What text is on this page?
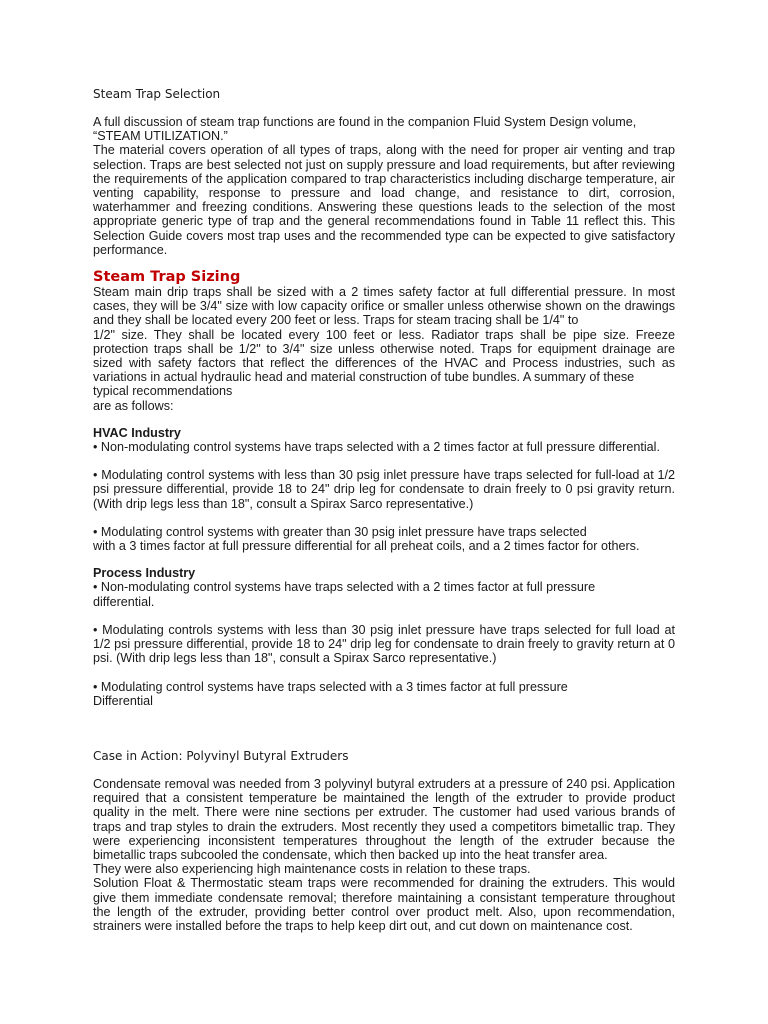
Steam Trap Selection

A full discussion of steam trap functions are found in the companion Fluid System Design volume,
“STEAM UTILIZATION.”

The material covers operation of all types of traps, along with the need for proper air venting and trap selection. Traps are best selected not just on supply pressure and load requirements, but after reviewing the requirements of the application compared to trap characteristics including discharge temperature, air venting capability, response to pressure and load change, and resistance to dirt, corrosion, waterhammer and freezing conditions. Answering these questions leads to the selection of the most appropriate generic type of trap and the general recommendations found in Table 11 reflect this. This Selection Guide covers most trap uses and the recommended type can be expected to give satisfactory performance.

Steam Trap Sizing

Steam main drip traps shall be sized with a 2 times safety factor at full differential pressure. In most cases, they will be 3/4" size with low capacity orifice or smaller unless otherwise shown on the drawings and they shall be located every 200 feet or less. Traps for steam tracing shall be 1/4" to

1/2" size. They shall be located every 100 feet or less. Radiator traps shall be pipe size. Freeze protection traps shall be 1/2" to 3/4" size unless otherwise noted. Traps for equipment drainage are sized with safety factors that reflect the differences of the HVAC and Process industries, such as variations in actual hydraulic head and material construction of tube bundles. A summary of these

typical recommendations

are as follows:

HVAC Industry

• Non-modulating control systems have traps selected with a 2 times factor at full pressure differential.

• Modulating control systems with less than 30 psig inlet pressure have traps selected for full-load at 1/2 psi pressure differential, provide 18 to 24" drip leg for condensate to drain freely to 0 psi gravity return. (With drip legs less than 18", consult a Spirax Sarco representative.)

• Modulating control systems with greater than 30 psig inlet pressure have traps selected
with a 3 times factor at full pressure differential for all preheat coils, and a 2 times factor for others.

Process Industry

• Non-modulating control systems have traps selected with a 2 times factor at full pressure
differential.

• Modulating controls systems with less than 30 psig inlet pressure have traps selected for full load at 1/2 psi pressure differential, provide 18 to 24" drip leg for condensate to drain freely to gravity return at 0 psi. (With drip legs less than 18", consult a Spirax Sarco representative.)

• Modulating control systems have traps selected with a 3 times factor at full pressure
Differential

Case in Action: Polyvinyl Butyral Extruders

Condensate removal was needed from 3 polyvinyl butyral extruders at a pressure of 240 psi. Application required that a consistent temperature be maintained the length of the extruder to provide product quality in the melt. There were nine sections per extruder. The customer had used various brands of traps and trap styles to drain the extruders. Most recently they used a competitors bimetallic trap. They were experiencing inconsistent temperatures throughout the length of the extruder because the bimetallic traps subcooled the condensate, which then backed up into the heat transfer area.

They were also experiencing high maintenance costs in relation to these traps.

Solution Float & Thermostatic steam traps were recommended for draining the extruders. This would give them immediate condensate removal; therefore maintaining a consistant temperature throughout the length of the extruder, providing better control over product melt. Also, upon recommendation, strainers were installed before the traps to help keep dirt out, and cut down on maintenance cost.
